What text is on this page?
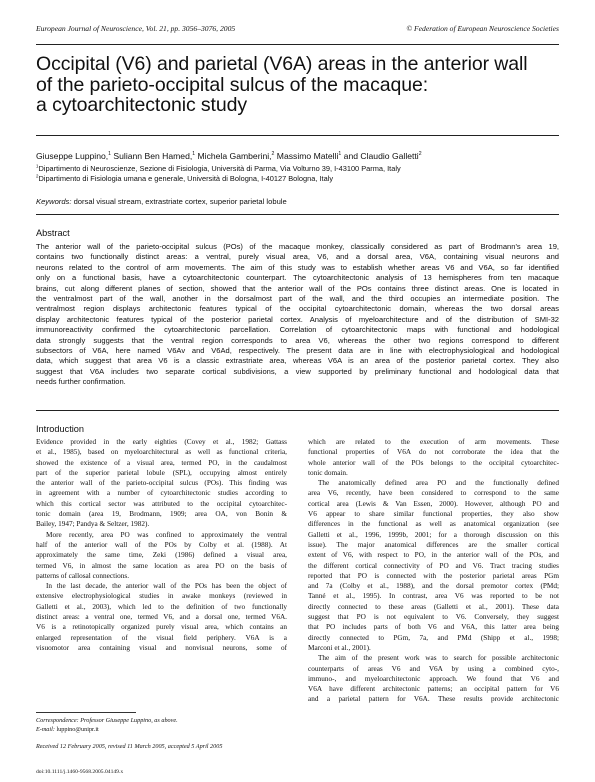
European Journal of Neuroscience, Vol. 21, pp. 3056–3076, 2005	© Federation of European Neuroscience Societies
Occipital (V6) and parietal (V6A) areas in the anterior wall
of the parieto-occipital sulcus of the macaque:
a cytoarchitectonic study
Giuseppe Luppino,$^1$ Suliann Ben Hamed,$^1$ Michela Gamberini,$^2$ Massimo Matelli$^1$ and Claudio Galletti$^2$
$^1$Dipartimento di Neuroscienze, Sezione di Fisiologia, Università di Parma, Via Volturno 39, I-43100 Parma, Italy
$^2$Dipartimento di Fisiologia umana e generale, Università di Bologna, I-40127 Bologna, Italy
Keywords: dorsal visual stream, extrastriate cortex, superior parietal lobule
Abstract
The anterior wall of the parieto-occipital sulcus (POs) of the macaque monkey, classically considered as part of Brodmann's area 19,
contains two functionally distinct areas: a ventral, purely visual area, V6, and a dorsal area, V6A, containing visual neurons and
neurons related to the control of arm movements. The aim of this study was to establish whether areas V6 and V6A, so far identified
only on a functional basis, have a cytoarchitectonic counterpart. The cytoarchitectonic analysis of 13 hemispheres from ten macaque
brains, cut along different planes of section, showed that the anterior wall of the POs contains three distinct areas. One is located in
the ventralmost part of the wall, another in the dorsalmost part of the wall, and the third occupies an intermediate position. The
ventralmost region displays architectonic features typical of the occipital cytoarchitectonic domain, whereas the two dorsal areas
display architectonic features typical of the posterior parietal cortex. Analysis of myeloarchitecture and of the distribution of SMI-32
immunoreactivity confirmed the cytoarchitectonic parcellation. Correlation of cytoarchitectonic maps with functional and hodological
data strongly suggests that the ventral region corresponds to area V6, whereas the other two regions correspond to different
subsectors of V6A, here named V6Av and V6Ad, respectively. The present data are in line with electrophysiological and hodological
data, which suggest that area V6 is a classic extrastriate area, whereas V6A is an area of the posterior parietal cortex. They also
suggest that V6A includes two separate cortical subdivisions, a view supported by preliminary functional and hodological data that
needs further confirmation.
Introduction
Evidence provided in the early eighties (Covey et al., 1982; Gattass
et al., 1985), based on myeloarchitectural as well as functional criteria,
showed the existence of a visual area, termed PO, in the caudalmost
part of the superior parietal lobule (SPL), occupying almost entirely
the anterior wall of the parieto-occipital sulcus (POs). This finding was
in agreement with a number of cytoarchitectonic studies according to
which this cortical sector was attributed to the occipital cytoarchitec-
tonic domain (area 19, Brodmann, 1909; area OA, von Bonin &
Bailey, 1947; Pandya & Seltzer, 1982).
More recently, area PO was confined to approximately the ventral
half of the anterior wall of the POs by Colby et al. (1988). At
approximately the same time, Zeki (1986) defined a visual area,
termed V6, in almost the same location as area PO on the basis of
patterns of callosal connections.
In the last decade, the anterior wall of the POs has been the object of
extensive electrophysiological studies in awake monkeys (reviewed in
Galletti et al., 2003), which led to the definition of two functionally
distinct areas: a ventral one, termed V6, and a dorsal one, termed V6A.
V6 is a retinotopically organized purely visual area, which contains an
enlarged representation of the visual field periphery. V6A is a
visuomotor area containing visual and nonvisual neurons, some of
which are related to the execution of arm movements. These
functional properties of V6A do not corroborate the idea that the
whole anterior wall of the POs belongs to the occipital cytoarchitec-
tonic domain.
The anatomically defined area PO and the functionally defined
area V6, recently, have been considered to correspond to the same
cortical area (Lewis & Van Essen, 2000). However, although PO and
V6 appear to share similar functional properties, they also show
differences in the functional as well as anatomical organization (see
Galletti et al., 1996, 1999b, 2001; for a thorough discussion on this
issue). The major anatomical differences are the smaller cortical
extent of V6, with respect to PO, in the anterior wall of the POs, and
the different cortical connectivity of PO and V6. Tract tracing studies
reported that PO is connected with the posterior parietal areas PGm
and 7a (Colby et al., 1988), and the dorsal premotor cortex (PMd;
Tanné et al., 1995). In contrast, area V6 was reported to be not
directly connected to these areas (Galletti et al., 2001). These data
suggest that PO is not equivalent to V6. Conversely, they suggest
that PO includes parts of both V6 and V6A, this latter area being
directly connected to PGm, 7a, and PMd (Shipp et al., 1998;
Marconi et al., 2001).
The aim of the present work was to search for possible architectonic
counterparts of areas V6 and V6A by using a combined cyto-,
immuno-, and myeloarchitectonic approach. We found that V6 and
V6A have different architectonic patterns; an occipital pattern for V6
and a parietal pattern for V6A. These results provide architectonic
Correspondence: Professor Giuseppe Luppino, as above.
E-mail: luppino@unipr.it
Received 12 February 2005, revised 11 March 2005, accepted 5 April 2005
doi:10.1111/j.1460-9568.2005.04149.x
